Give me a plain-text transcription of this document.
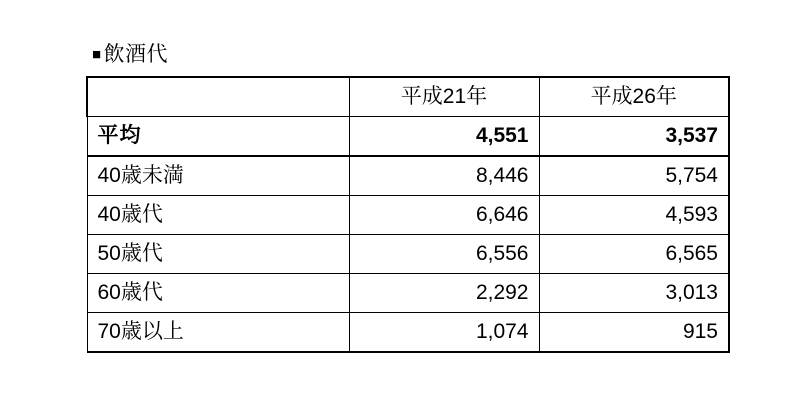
■飲酒代
	平成21年	平成26年
平均	4,551	3,537
40歳未満	8,446	5,754
40歳代	6,646	4,593
50歳代	6,556	6,565
60歳代	2,292	3,013
70歳以上	1,074	915
